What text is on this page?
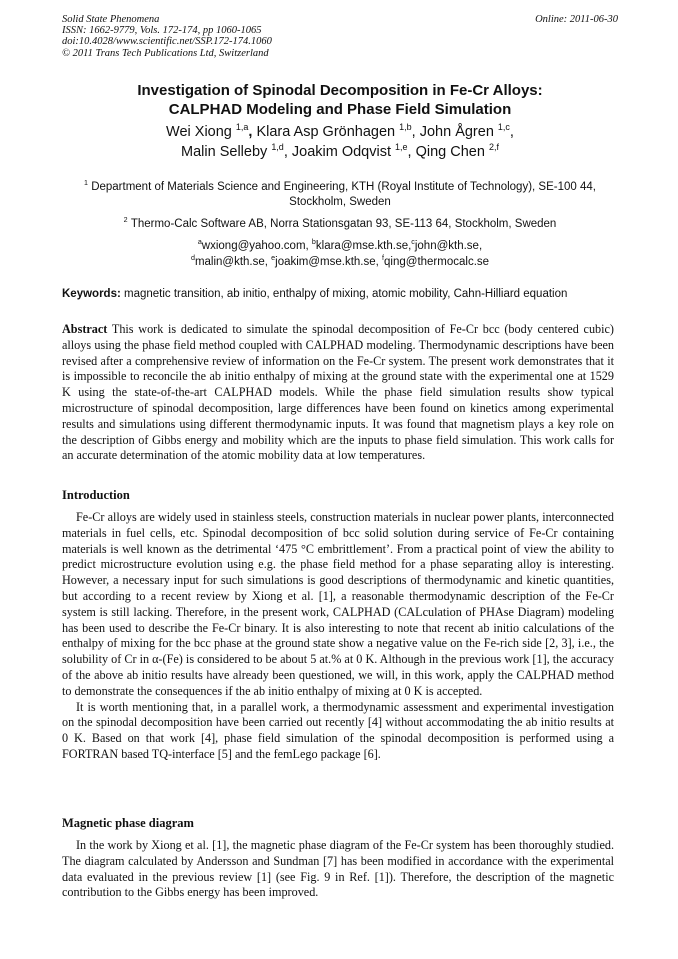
Solid State Phenomena
ISSN: 1662-9779, Vols. 172-174, pp 1060-1065
doi:10.4028/www.scientific.net/SSP.172-174.1060
© 2011 Trans Tech Publications Ltd, Switzerland
Online: 2011-06-30
Investigation of Spinodal Decomposition in Fe-Cr Alloys:
CALPHAD Modeling and Phase Field Simulation
Wei Xiong $^{1,a}$, Klara Asp Grönhagen $^{1,b}$, John Ågren $^{1,c}$,
Malin Selleby $^{1,d}$, Joakim Odqvist $^{1,e}$, Qing Chen $^{2,f}$
$^1$ Department of Materials Science and Engineering, KTH (Royal Institute of Technology), SE-100 44, Stockholm, Sweden
$^2$ Thermo-Calc Software AB, Norra Stationsgatan 93, SE-113 64, Stockholm, Sweden
$^a$wxiong@yahoo.com, $^b$klara@mse.kth.se,$^c$john@kth.se,
$^d$malin@kth.se, $^e$joakim@mse.kth.se, $^f$qing@thermocalc.se
Keywords: magnetic transition, ab initio, enthalpy of mixing, atomic mobility, Cahn-Hilliard equation

Abstract This work is dedicated to simulate the spinodal decomposition of Fe-Cr bcc (body centered cubic) alloys using the phase field method coupled with CALPHAD modeling. Thermodynamic descriptions have been revised after a comprehensive review of information on the Fe-Cr system. The present work demonstrates that it is impossible to reconcile the ab initio enthalpy of mixing at the ground state with the experimental one at 1529 K using the state-of-the-art CALPHAD models. While the phase field simulation results show typical microstructure of spinodal decomposition, large differences have been found on kinetics among experimental results and simulations using different thermodynamic inputs. It was found that magnetism plays a key role on the description of Gibbs energy and mobility which are the inputs to phase field simulation. This work calls for an accurate determination of the atomic mobility data at low temperatures.

Introduction

Fe-Cr alloys are widely used in stainless steels, construction materials in nuclear power plants, interconnected materials in fuel cells, etc. Spinodal decomposition of bcc solid solution during service of Fe-Cr containing materials is well known as the detrimental ‘475 °C embrittlement’. From a practical point of view the ability to predict microstructure evolution using e.g. the phase field method for a phase separating alloy is interesting. However, a necessary input for such simulations is good descriptions of thermodynamic and kinetic quantities, but according to a recent review by Xiong et al. [1], a reasonable thermodynamic description of the Fe-Cr system is still lacking. Therefore, in the present work, CALPHAD (CALculation of PHAse Diagram) modeling has been used to describe the Fe-Cr binary. It is also interesting to note that recent ab initio calculations of the enthalpy of mixing for the bcc phase at the ground state show a negative value on the Fe-rich side [2, 3], i.e., the solubility of Cr in α-(Fe) is considered to be about 5 at.% at 0 K. Although in the previous work [1], the accuracy of the above ab initio results have already been questioned, we will, in this work, apply the CALPHAD method to demonstrate the consequences if the ab initio enthalpy of mixing at 0 K is accepted.

It is worth mentioning that, in a parallel work, a thermodynamic assessment and experimental investigation on the spinodal decomposition have been carried out recently [4] without accommodating the ab initio results at 0 K. Based on that work [4], phase field simulation of the spinodal decomposition is performed using a FORTRAN based TQ-interface [5] and the femLego package [6].

Magnetic phase diagram

In the work by Xiong et al. [1], the magnetic phase diagram of the Fe-Cr system has been thoroughly studied. The diagram calculated by Andersson and Sundman [7] has been modified in accordance with the experimental data evaluated in the previous review [1] (see Fig. 9 in Ref. [1]). Therefore, the description of the magnetic contribution to the Gibbs energy has been improved.
